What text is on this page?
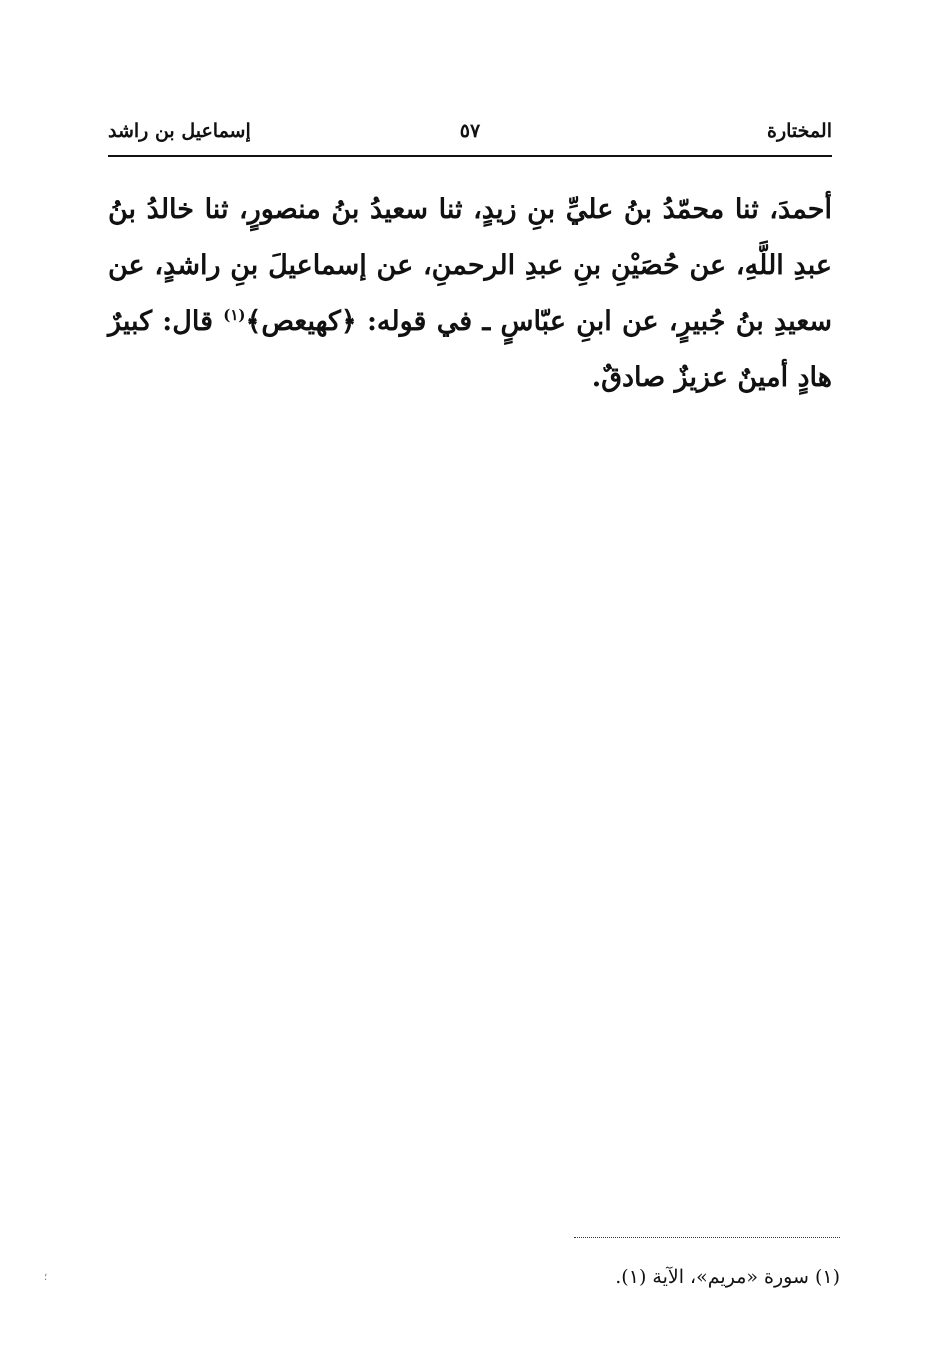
المختارة
٥٧
إسماعيل بن راشد

أحمدَ، ثنا محمّدُ بنُ عليِّ بنِ زيدٍ، ثنا سعيدُ بنُ منصورٍ، ثنا خالدُ بنُ عبدِ اللَّهِ، عن حُصَيْنِ بنِ عبدِ الرحمنِ، عن إسماعيلَ بنِ راشدٍ، عن سعيدِ بنُ جُبيرٍ، عن ابنِ عبّاسٍ ـ في قوله: ﴿كهيعص﴾$^{(١)}$ قال: كبيرٌ هادٍ أمينٌ عزيزٌ صادقٌ.

(١) سورة «مريم»، الآية (١).
؛
